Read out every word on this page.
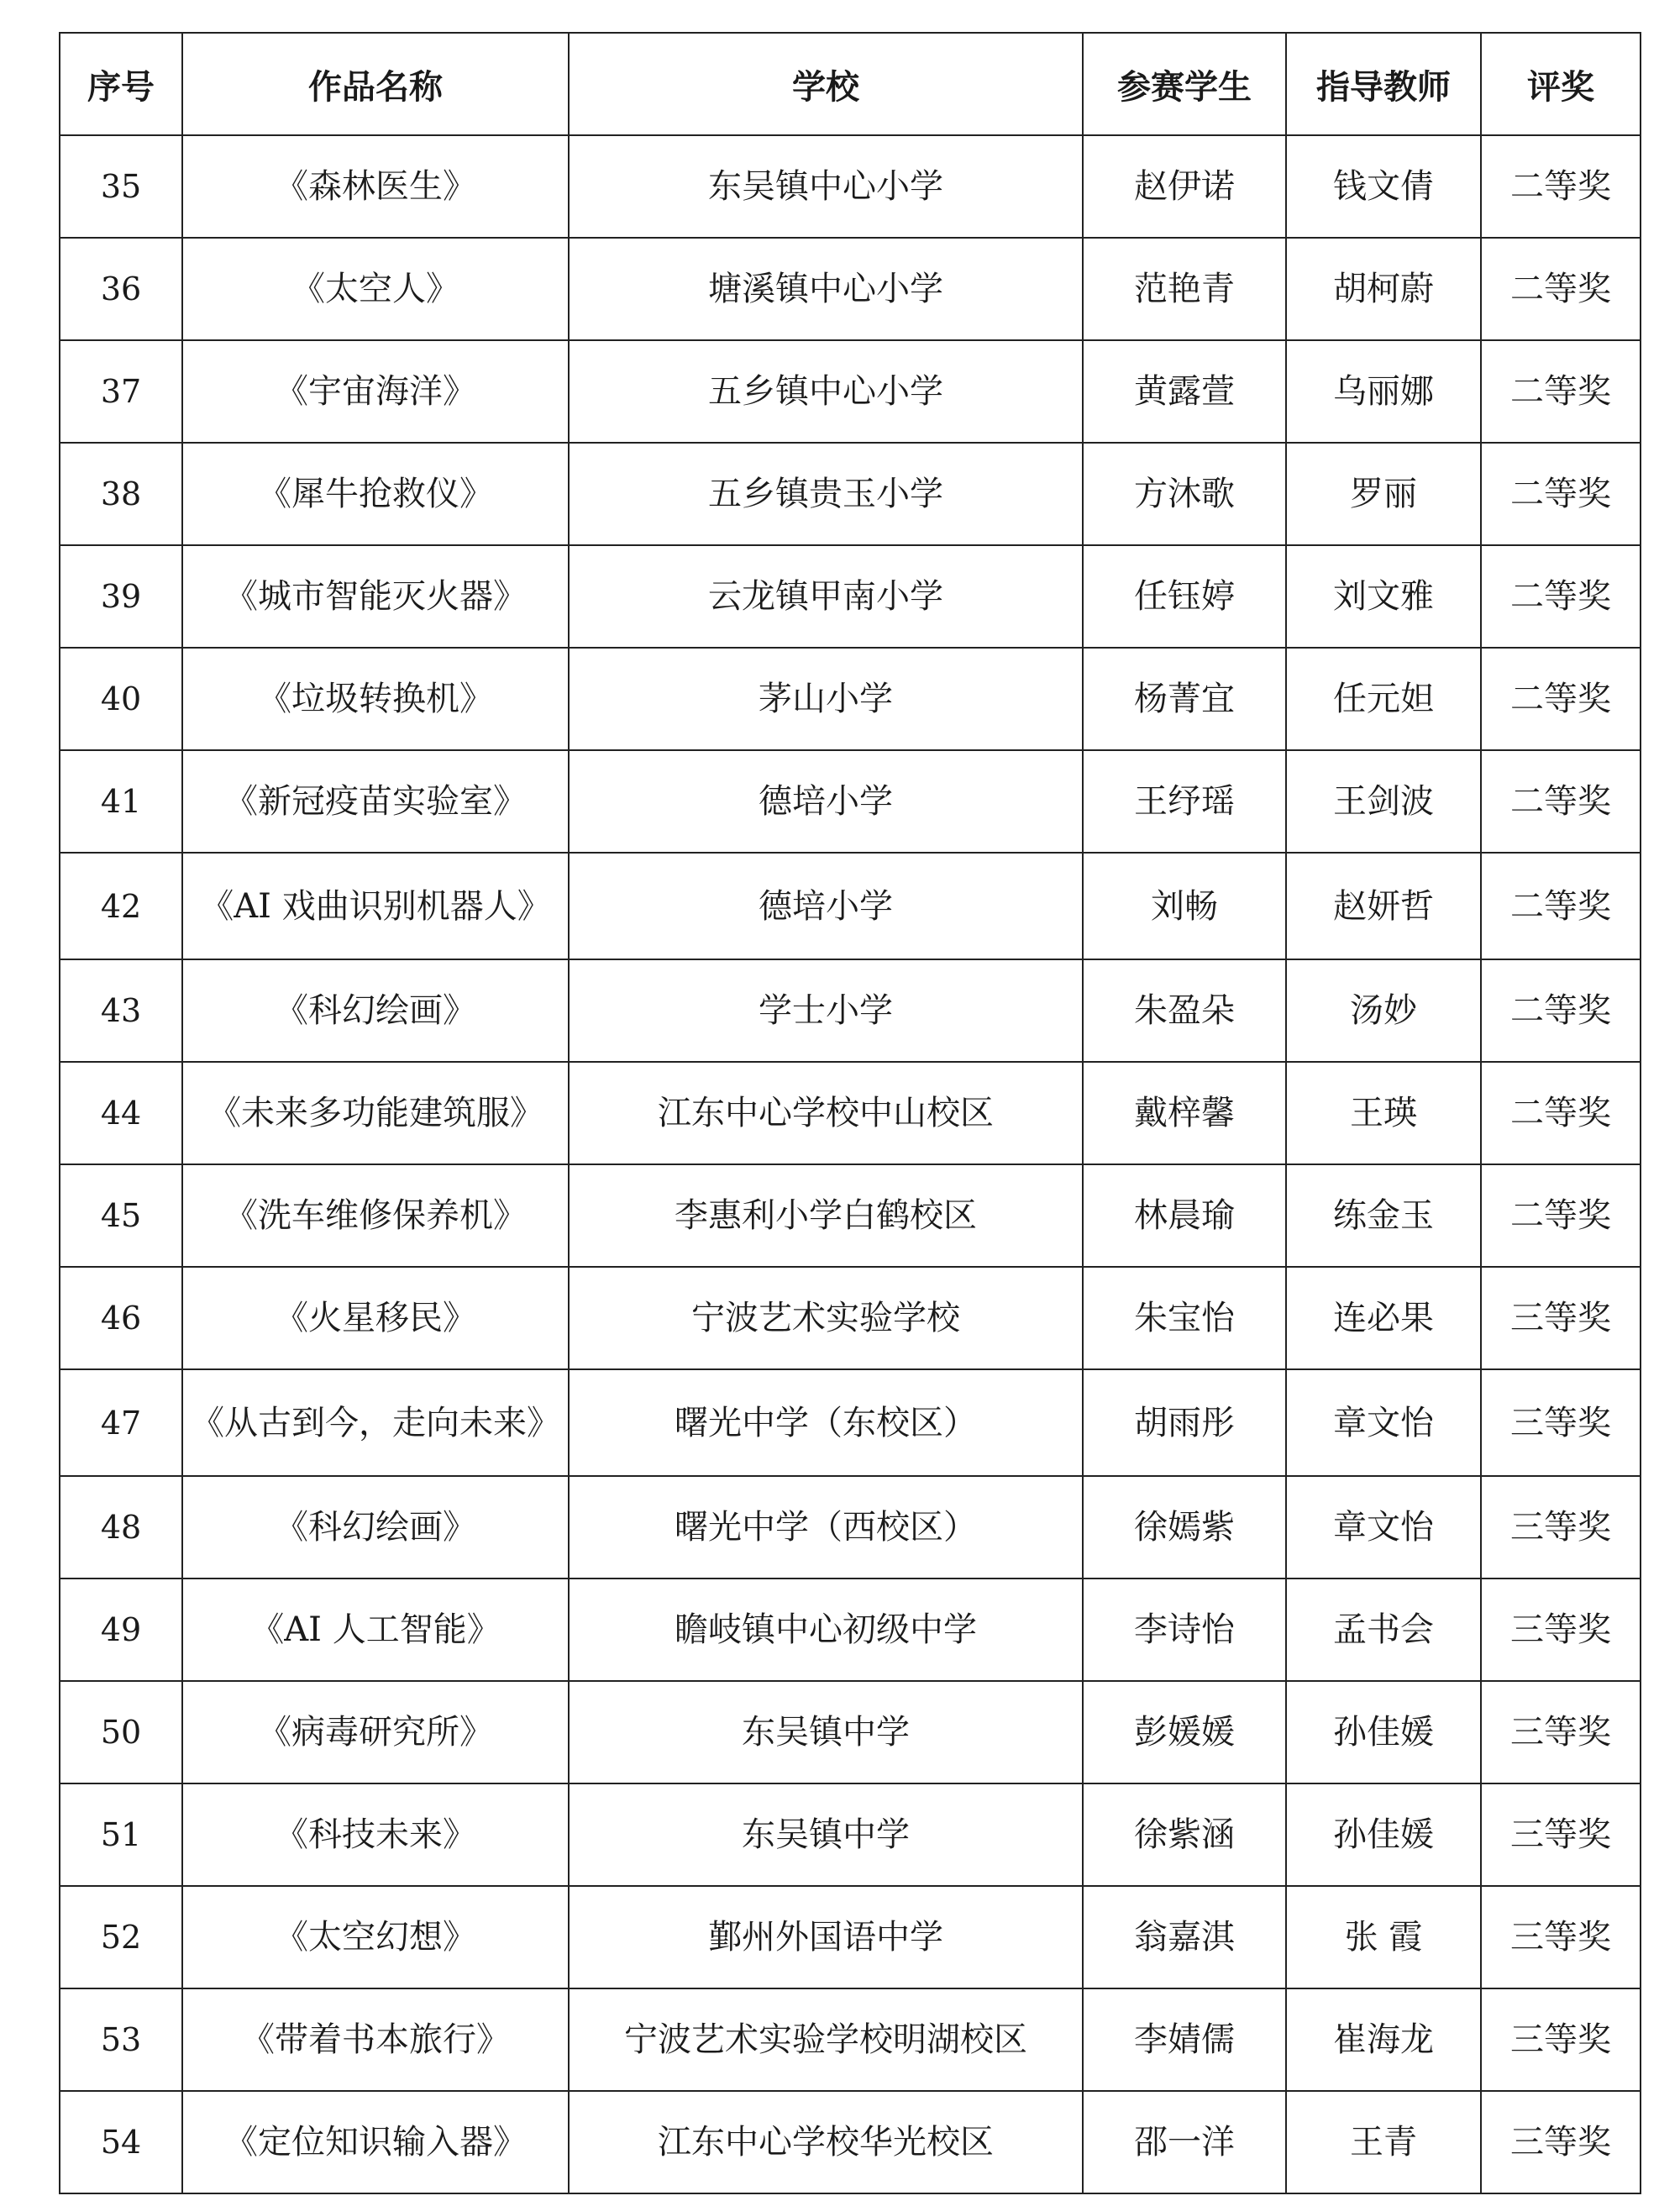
序号	作品名称	学校	参赛学生	指导教师	评奖
35	《森林医生》	东吴镇中心小学	赵伊诺	钱文倩	二等奖
36	《太空人》	塘溪镇中心小学	范艳青	胡柯蔚	二等奖
37	《宇宙海洋》	五乡镇中心小学	黄露萱	乌丽娜	二等奖
38	《犀牛抢救仪》	五乡镇贵玉小学	方沐歌	罗丽	二等奖
39	《城市智能灭火器》	云龙镇甲南小学	任钰婷	刘文雅	二等奖
40	《垃圾转换机》	茅山小学	杨菁宜	任元妲	二等奖
41	《新冠疫苗实验室》	德培小学	王纾瑶	王剑波	二等奖
42	《AI 戏曲识别机器人》	德培小学	刘畅	赵妍哲	二等奖
43	《科幻绘画》	学士小学	朱盈朵	汤妙	二等奖
44	《未来多功能建筑服》	江东中心学校中山校区	戴梓馨	王瑛	二等奖
45	《洗车维修保养机》	李惠利小学白鹤校区	林晨瑜	练金玉	二等奖
46	《火星移民》	宁波艺术实验学校	朱宝怡	连必果	三等奖
47	《从古到今，走向未来》	曙光中学（东校区）	胡雨彤	章文怡	三等奖
48	《科幻绘画》	曙光中学（西校区）	徐嫣紫	章文怡	三等奖
49	《AI 人工智能》	瞻岐镇中心初级中学	李诗怡	孟书会	三等奖
50	《病毒研究所》	东吴镇中学	彭媛媛	孙佳媛	三等奖
51	《科技未来》	东吴镇中学	徐紫涵	孙佳媛	三等奖
52	《太空幻想》	鄞州外国语中学	翁嘉淇	张 霞	三等奖
53	《带着书本旅行》	宁波艺术实验学校明湖校区	李婧儒	崔海龙	三等奖
54	《定位知识输入器》	江东中心学校华光校区	邵一洋	王青	三等奖
